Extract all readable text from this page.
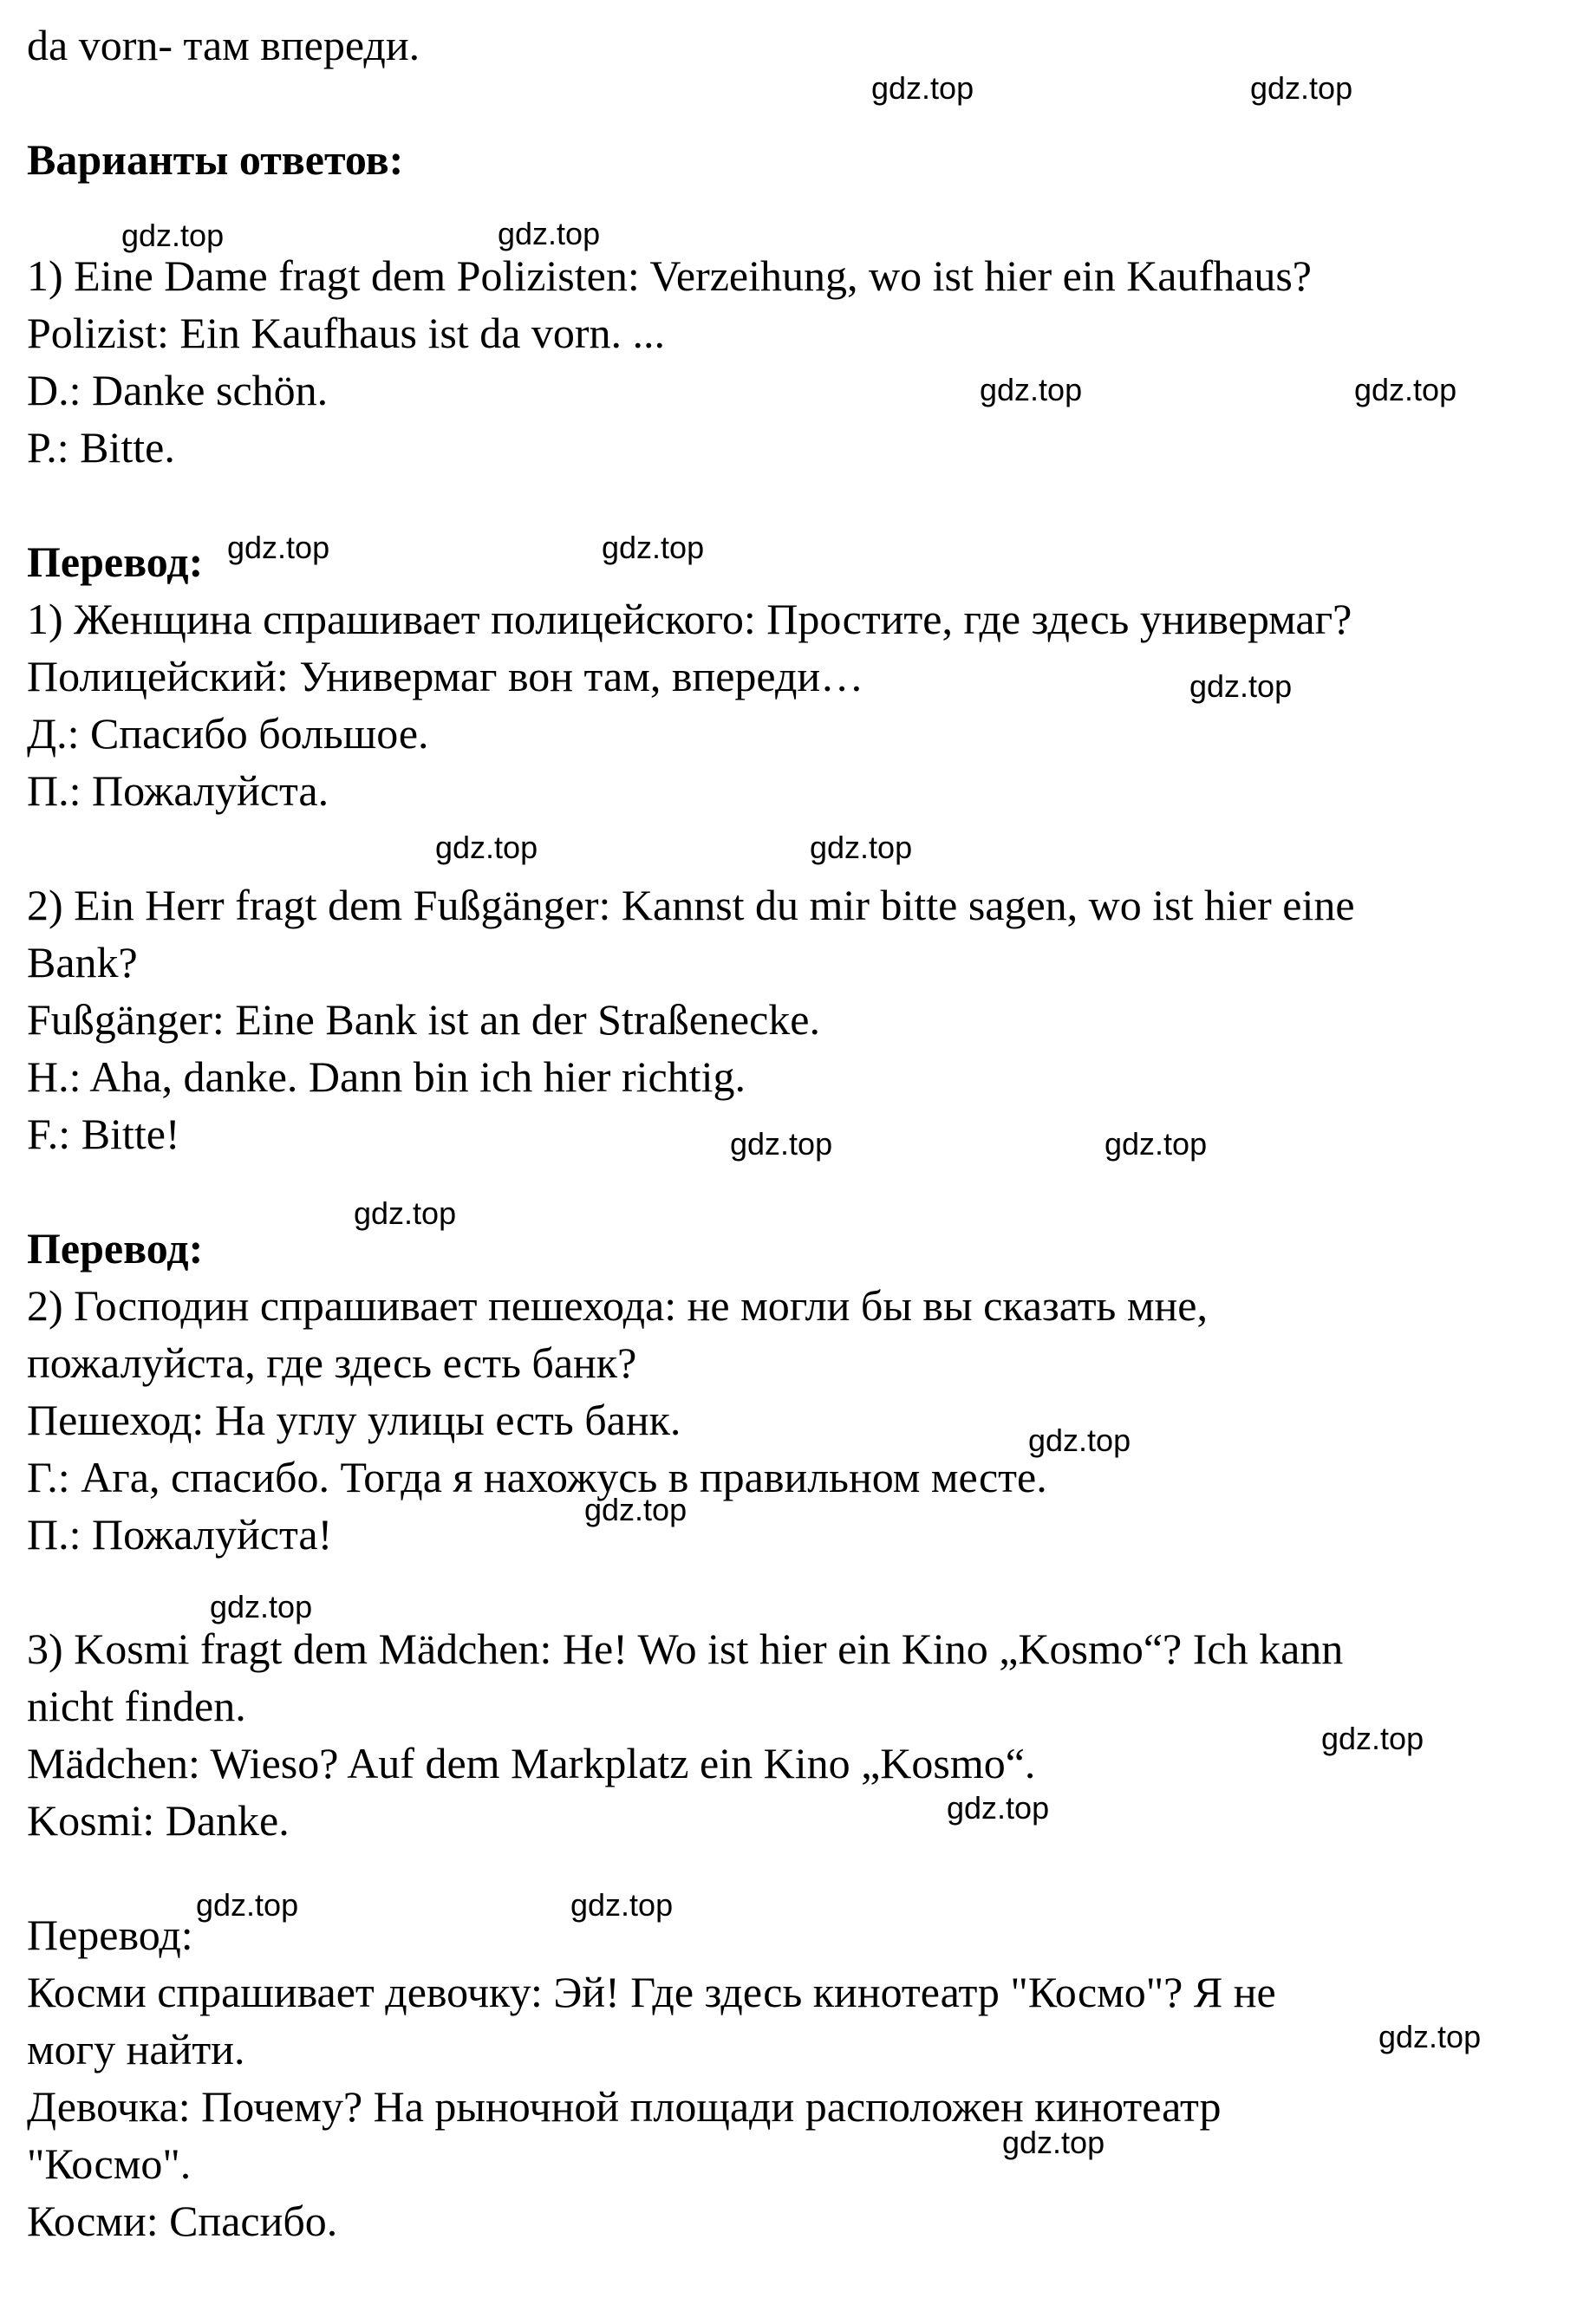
da vorn- там впереди.
Варианты ответов:
1) Eine Dame fragt dem Polizisten: Verzeihung, wo ist hier ein Kaufhaus?
Polizist: Ein Kaufhaus ist da vorn. ...
D.: Danke schön.
P.: Bitte.
Перевод:
1) Женщина спрашивает полицейского: Простите, где здесь универмаг?
Полицейский: Универмаг вон там, впереди…
Д.: Спасибо большое.
П.: Пожалуйста.
2) Ein Herr fragt dem Fußgänger: Kannst du mir bitte sagen, wo ist hier eine
Bank?
Fußgänger: Eine Bank ist an der Straßenecke.
H.: Aha, danke. Dann bin ich hier richtig.
F.: Bitte!
Перевод:
2) Господин спрашивает пешехода: не могли бы вы сказать мне,
пожалуйста, где здесь есть банк?
Пешеход: На углу улицы есть банк.
Г.: Ага, спасибо. Тогда я нахожусь в правильном месте.
П.: Пожалуйста!
3) Kosmi fragt dem Mädchen: He! Wo ist hier ein Kino „Kosmo“? Ich kann
nicht finden.
Mädchen: Wieso? Auf dem Markplatz ein Kino „Kosmo“.
Kosmi: Danke.
Перевод:
Косми спрашивает девочку: Эй! Где здесь кинотеатр "Космо"? Я не
могу найти.
Девочка: Почему? На рыночной площади расположен кинотеатр
"Космо".
Косми: Спасибо.
gdz.top	gdz.top
gdz.top	gdz.top
gdz.top	gdz.top
gdz.top	gdz.top
gdz.top
gdz.top	gdz.top
gdz.top	gdz.top
gdz.top
gdz.top
gdz.top
gdz.top
gdz.top
gdz.top
gdz.top	gdz.top
gdz.top
gdz.top
